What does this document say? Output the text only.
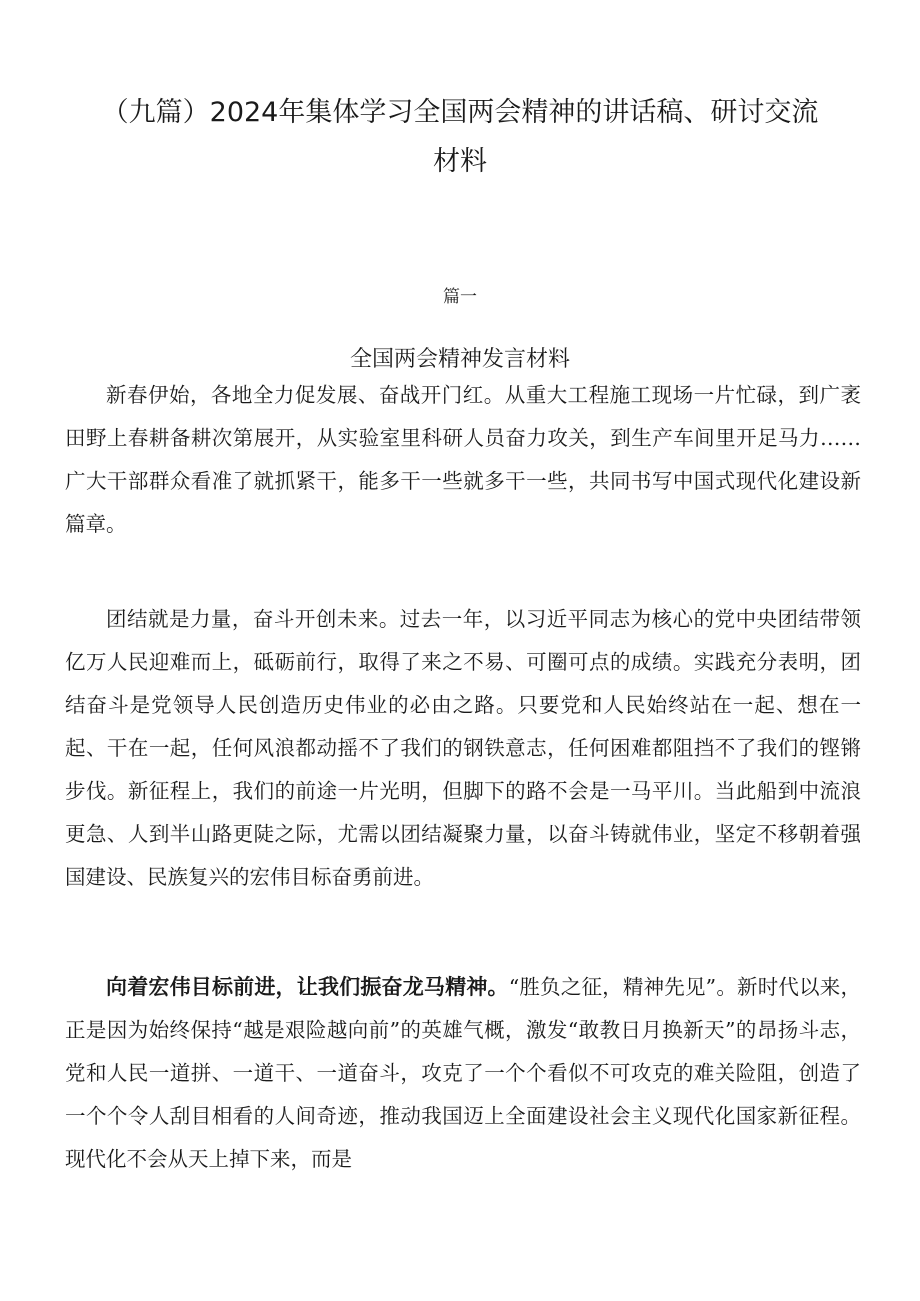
（九篇）2024年集体学习全国两会精神的讲话稿、研讨交流材料
篇一
全国两会精神发言材料

新春伊始，各地全力促发展、奋战开门红。从重大工程施工现场一片忙碌，到广袤田野上春耕备耕次第展开，从实验室里科研人员奋力攻关，到生产车间里开足马力……广大干部群众看准了就抓紧干，能多干一些就多干一些，共同书写中国式现代化建设新篇章。

团结就是力量，奋斗开创未来。过去一年，以习近平同志为核心的党中央团结带领亿万人民迎难而上，砥砺前行，取得了来之不易、可圈可点的成绩。实践充分表明，团结奋斗是党领导人民创造历史伟业的必由之路。只要党和人民始终站在一起、想在一起、干在一起，任何风浪都动摇不了我们的钢铁意志，任何困难都阻挡不了我们的铿锵步伐。新征程上，我们的前途一片光明，但脚下的路不会是一马平川。当此船到中流浪更急、人到半山路更陡之际，尤需以团结凝聚力量，以奋斗铸就伟业，坚定不移朝着强国建设、民族复兴的宏伟目标奋勇前进。

向着宏伟目标前进，让我们振奋龙马精神。“胜负之征，精神先见”。新时代以来，正是因为始终保持“越是艰险越向前”的英雄气概，激发“敢教日月换新天”的昂扬斗志，党和人民一道拼、一道干、一道奋斗，攻克了一个个看似不可攻克的难关险阻，创造了一个个令人刮目相看的人间奇迹，推动我国迈上全面建设社会主义现代化国家新征程。现代化不会从天上掉下来，而是
